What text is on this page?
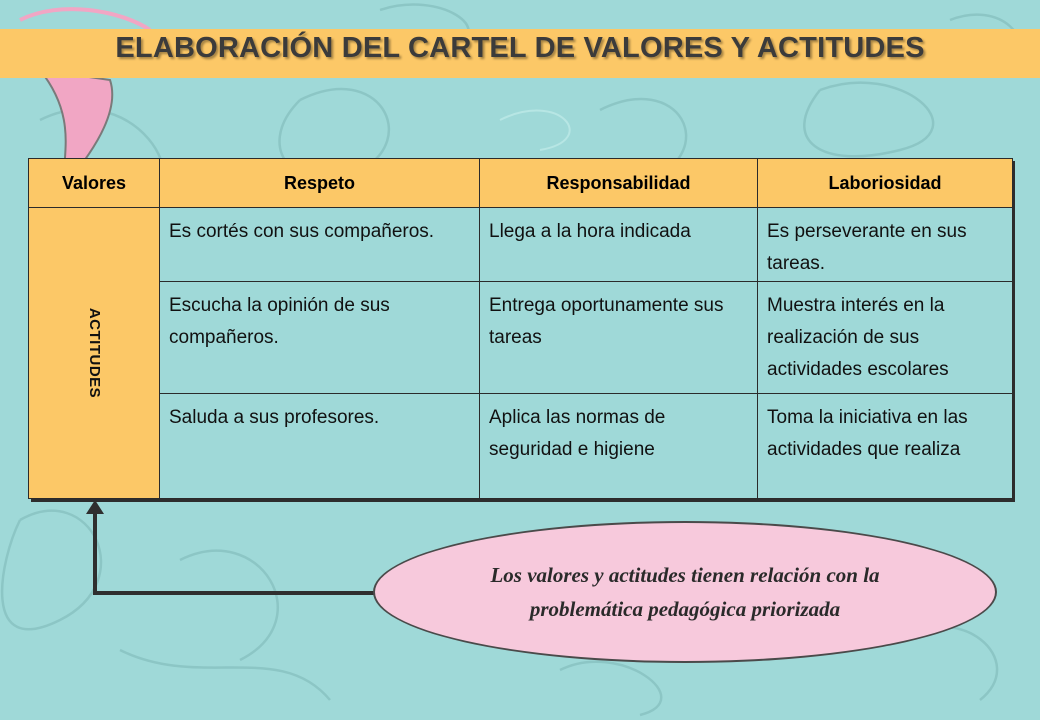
ELABORACIÓN DEL CARTEL DE VALORES Y ACTITUDES
Valores	Respeto	Responsabilidad	Laboriosidad

ACTITUDES	Es cortés con sus compañeros.	Llega a la hora indicada	Es perseverante en sus tareas.
	Escucha la opinión de sus compañeros.	Entrega oportunamente sus tareas	Muestra interés en la realización de sus actividades escolares
	Saluda a sus profesores.	Aplica las normas de seguridad e higiene	Toma la iniciativa en las actividades que realiza
Los valores y actitudes tienen relación con la problemática pedagógica priorizada
